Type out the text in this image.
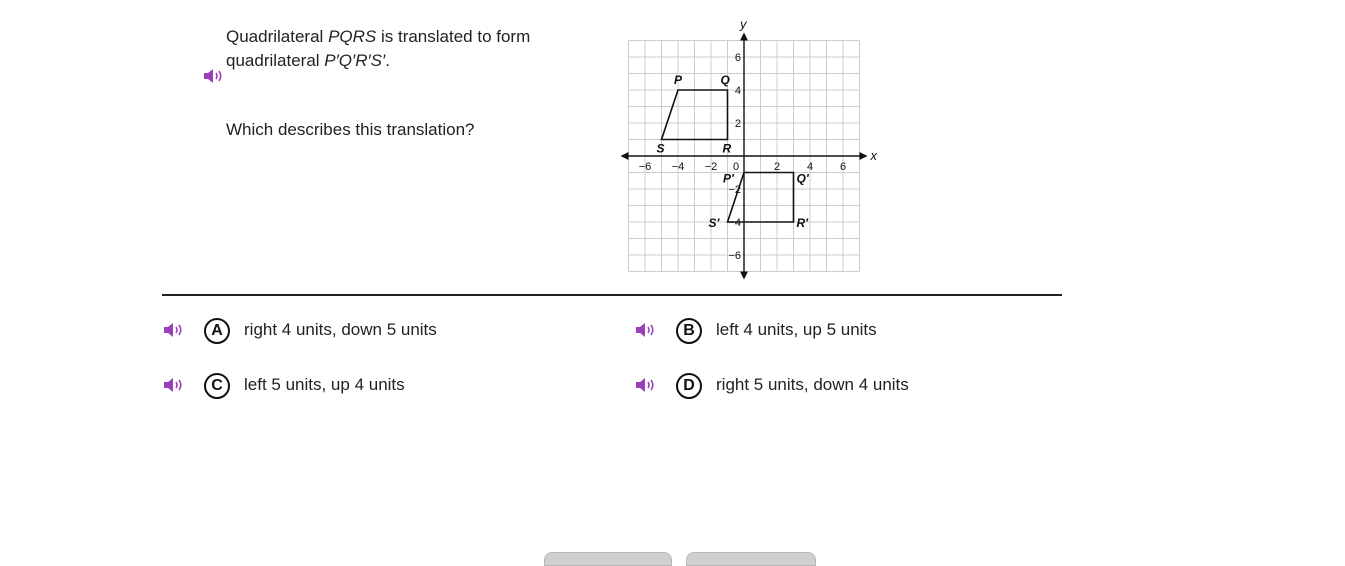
Quadrilateral PQRS is translated to form
quadrilateral P′Q′R′S′.
Which describes this translation?
x
y
−6 −4 −2 0	2 4 6
6
4
2
−2
−4
−6
P	Q
R
S
P′	Q′
R′
S′
A	right 4 units, down 5 units	B	left 4 units, up 5 units
C	left 5 units, up 4 units	D	right 5 units, down 4 units
